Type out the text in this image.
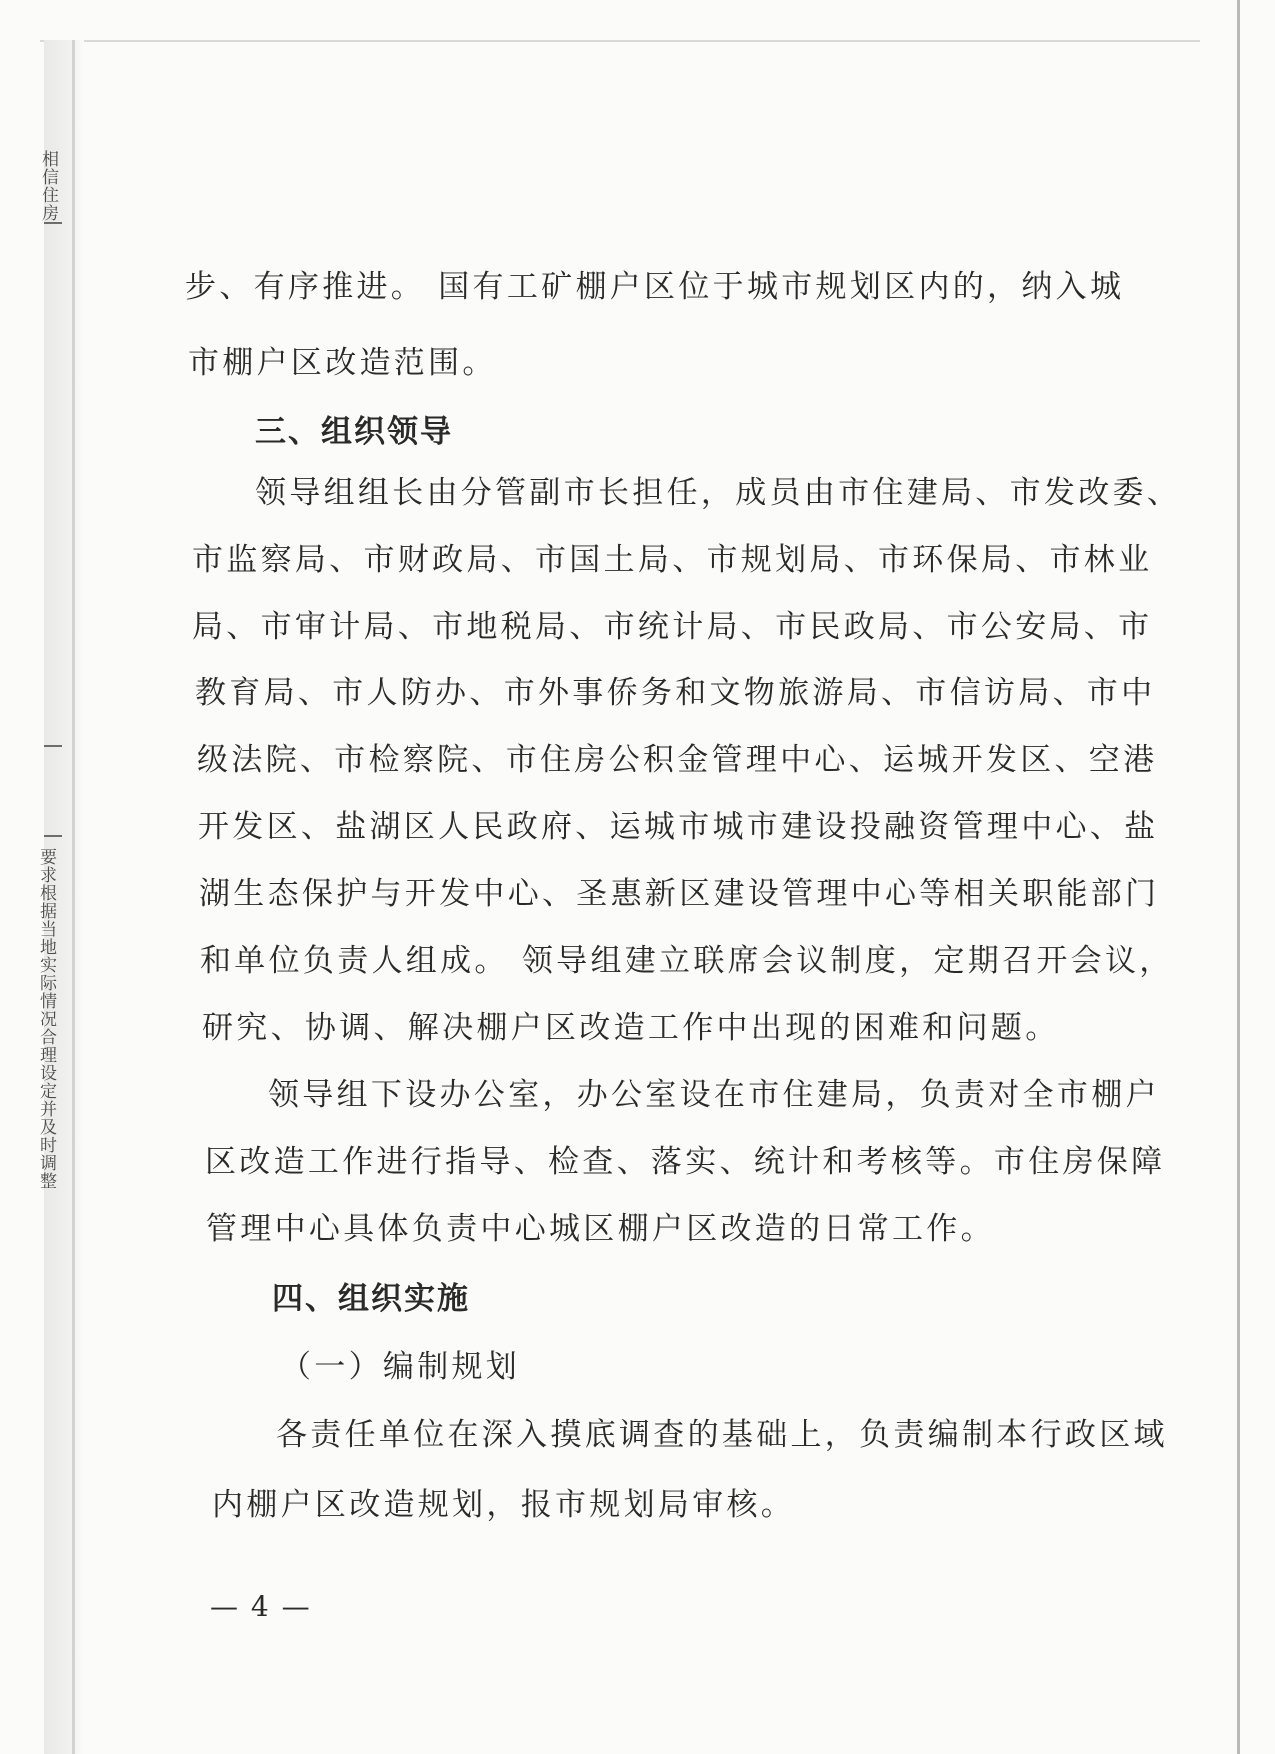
相信住房
要求根据当地实际情况合理设定并及时调整
步、有序推进。 国有工矿棚户区位于城市规划区内的，纳入城
市棚户区改造范围。
三、组织领导
领导组组长由分管副市长担任，成员由市住建局、市发改委、
市监察局、市财政局、市国土局、市规划局、市环保局、市林业
局、市审计局、市地税局、市统计局、市民政局、市公安局、市
教育局、市人防办、市外事侨务和文物旅游局、市信访局、市中
级法院、市检察院、市住房公积金管理中心、运城开发区、空港
开发区、盐湖区人民政府、运城市城市建设投融资管理中心、盐
湖生态保护与开发中心、圣惠新区建设管理中心等相关职能部门
和单位负责人组成。 领导组建立联席会议制度，定期召开会议，
研究、协调、解决棚户区改造工作中出现的困难和问题。
领导组下设办公室，办公室设在市住建局，负责对全市棚户
区改造工作进行指导、检查、落实、统计和考核等。市住房保障
管理中心具体负责中心城区棚户区改造的日常工作。
四、组织实施
（一）编制规划
各责任单位在深入摸底调查的基础上，负责编制本行政区域
内棚户区改造规划，报市规划局审核。
— 4 —
